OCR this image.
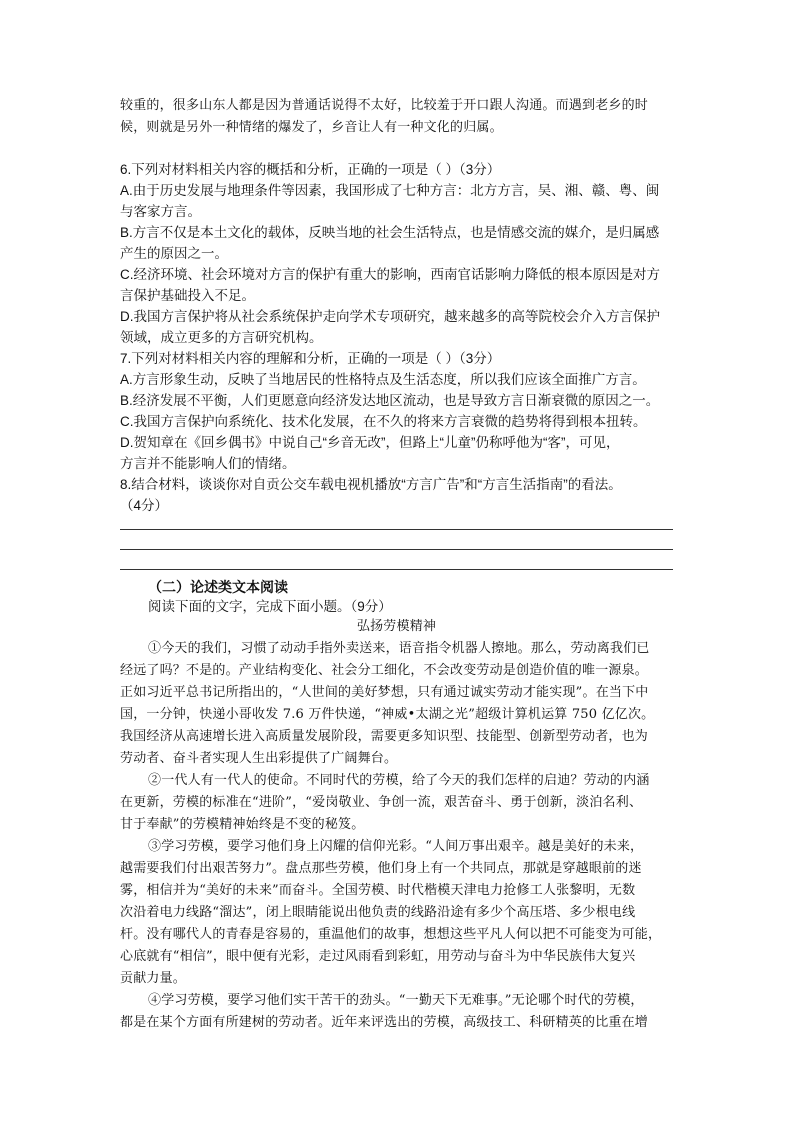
较重的，很多山东人都是因为普通话说得不太好，比较羞于开口跟人沟通。而遇到老乡的时
候，则就是另外一种情绪的爆发了，乡音让人有一种文化的归属。
6.下列对材料相关内容的概括和分析，正确的一项是（ ）（3分）
A.由于历史发展与地理条件等因素，我国形成了七种方言：北方方言，吴、湘、赣、粤、闽
与客家方言。
B.方言不仅是本土文化的载体，反映当地的社会生活特点，也是情感交流的媒介，是归属感
产生的原因之一。
C.经济环境、社会环境对方言的保护有重大的影响，西南官话影响力降低的根本原因是对方
言保护基础投入不足。
D.我国方言保护将从社会系统保护走向学术专项研究，越来越多的高等院校会介入方言保护
领域，成立更多的方言研究机构。
7.下列对材料相关内容的理解和分析，正确的一项是（ ）（3分）
A.方言形象生动，反映了当地居民的性格特点及生活态度，所以我们应该全面推广方言。
B.经济发展不平衡，人们更愿意向经济发达地区流动，也是导致方言日渐衰微的原因之一。
C.我国方言保护向系统化、技术化发展，在不久的将来方言衰微的趋势将得到根本扭转。
D.贺知章在《回乡偶书》中说自己“乡音无改”，但路上“儿童”仍称呼他为“客”，可见，
方言并不能影响人们的情绪。
8.结合材料，谈谈你对自贡公交车载电视机播放“方言广告”和“方言生活指南”的看法。
（4分）
（二）论述类文本阅读
阅读下面的文字，完成下面小题。（9分）
弘扬劳模精神
①今天的我们，习惯了动动手指外卖送来，语音指令机器人擦地。那么，劳动离我们已
经远了吗？不是的。产业结构变化、社会分工细化，不会改变劳动是创造价值的唯一源泉。
正如习近平总书记所指出的，“人世间的美好梦想，只有通过诚实劳动才能实现”。在当下中
国，一分钟，快递小哥收发 7.6 万件快递，“神威•太湖之光”超级计算机运算 750 亿亿次。
我国经济从高速增长进入高质量发展阶段，需要更多知识型、技能型、创新型劳动者，也为
劳动者、奋斗者实现人生出彩提供了广阔舞台。
②一代人有一代人的使命。不同时代的劳模，给了今天的我们怎样的启迪？劳动的内涵
在更新，劳模的标准在“进阶”，“爱岗敬业、争创一流，艰苦奋斗、勇于创新，淡泊名利、
甘于奉献”的劳模精神始终是不变的秘笈。
③学习劳模，要学习他们身上闪耀的信仰光彩。“人间万事出艰辛。越是美好的未来，
越需要我们付出艰苦努力”。盘点那些劳模，他们身上有一个共同点，那就是穿越眼前的迷
雾，相信并为“美好的未来”而奋斗。全国劳模、时代楷模天津电力抢修工人张黎明，无数
次沿着电力线路“溜达”，闭上眼睛能说出他负责的线路沿途有多少个高压塔、多少根电线
杆。没有哪代人的青春是容易的，重温他们的故事，想想这些平凡人何以把不可能变为可能，
心底就有“相信”，眼中便有光彩，走过风雨看到彩虹，用劳动与奋斗为中华民族伟大复兴
贡献力量。
④学习劳模，要学习他们实干苦干的劲头。“一勤天下无难事。”无论哪个时代的劳模，
都是在某个方面有所建树的劳动者。近年来评选出的劳模，高级技工、科研精英的比重在增
